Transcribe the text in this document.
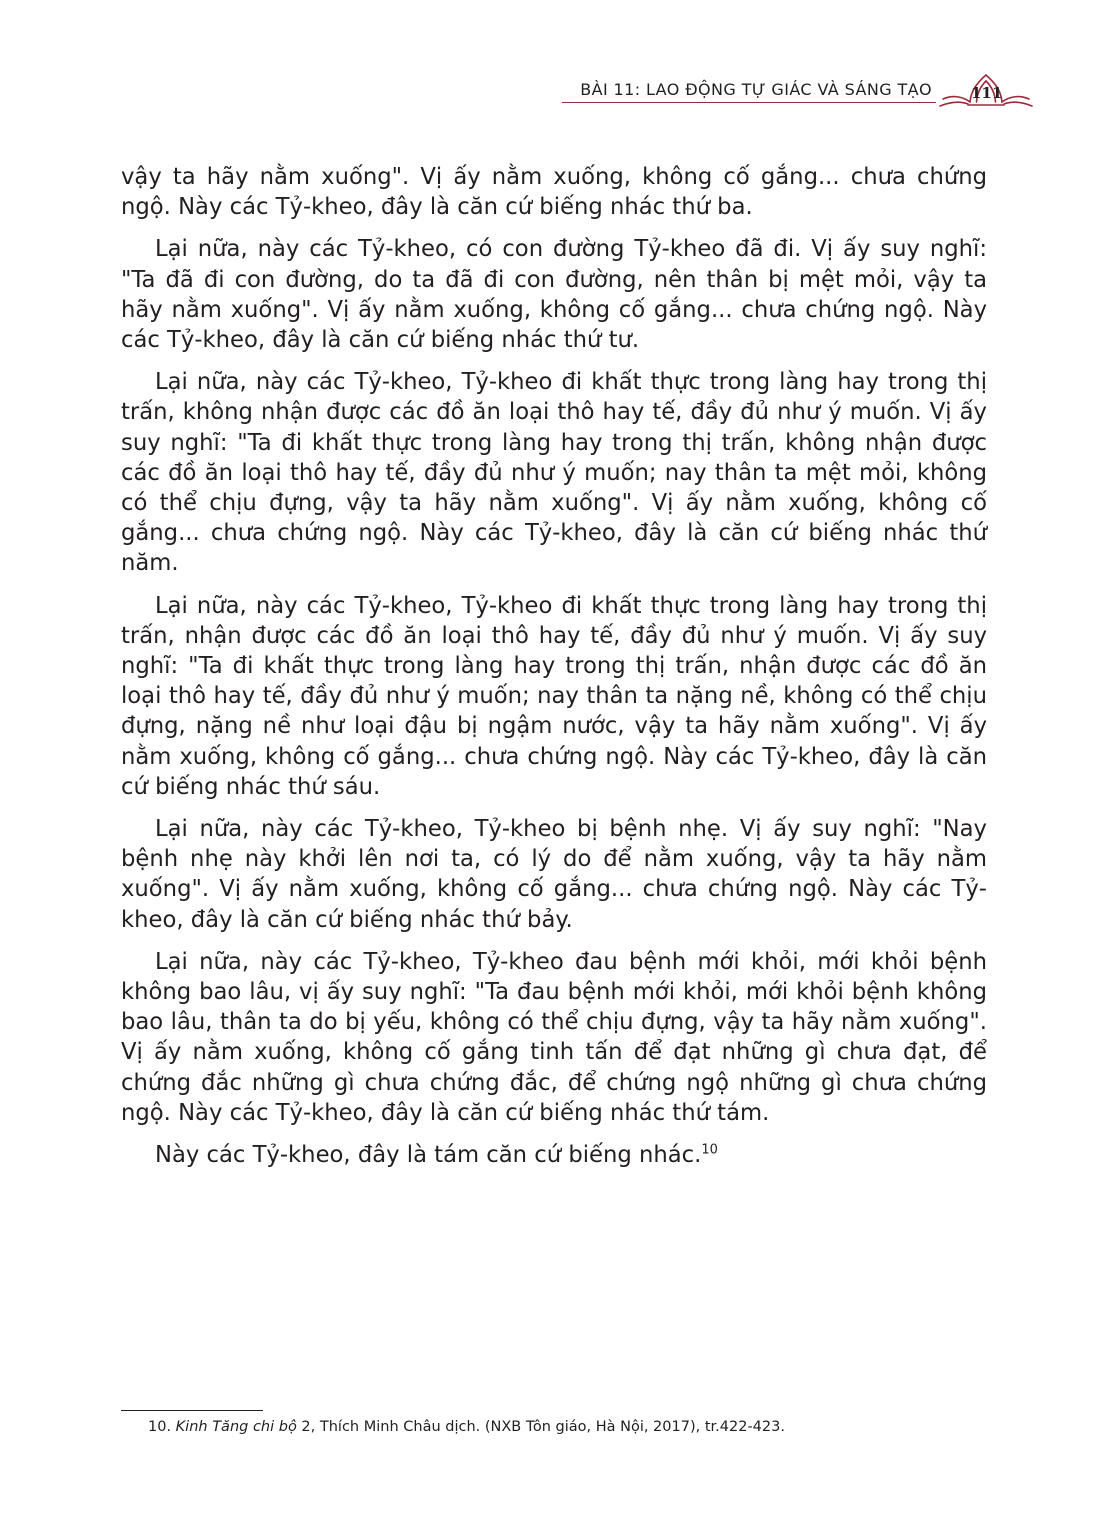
BÀI 11: LAO ĐỘNG TỰ GIÁC VÀ SÁNG TẠO	111

vậy ta hãy nằm xuống". Vị ấy nằm xuống, không cố gắng... chưa chứng ngộ. Này các Tỷ-kheo, đây là căn cứ biếng nhác thứ ba.

Lại nữa, này các Tỷ-kheo, có con đường Tỷ-kheo đã đi. Vị ấy suy nghĩ: "Ta đã đi con đường, do ta đã đi con đường, nên thân bị mệt mỏi, vậy ta hãy nằm xuống". Vị ấy nằm xuống, không cố gắng... chưa chứng ngộ. Này các Tỷ-kheo, đây là căn cứ biếng nhác thứ tư.

Lại nữa, này các Tỷ-kheo, Tỷ-kheo đi khất thực trong làng hay trong thị trấn, không nhận được các đồ ăn loại thô hay tế, đầy đủ như ý muốn. Vị ấy suy nghĩ: "Ta đi khất thực trong làng hay trong thị trấn, không nhận được các đồ ăn loại thô hay tế, đầy đủ như ý muốn; nay thân ta mệt mỏi, không có thể chịu đựng, vậy ta hãy nằm xuống". Vị ấy nằm xuống, không cố gắng... chưa chứng ngộ. Này các Tỷ-kheo, đây là căn cứ biếng nhác thứ năm.

Lại nữa, này các Tỷ-kheo, Tỷ-kheo đi khất thực trong làng hay trong thị trấn, nhận được các đồ ăn loại thô hay tế, đầy đủ như ý muốn. Vị ấy suy nghĩ: "Ta đi khất thực trong làng hay trong thị trấn, nhận được các đồ ăn loại thô hay tế, đầy đủ như ý muốn; nay thân ta nặng nề, không có thể chịu đựng, nặng nề như loại đậu bị ngậm nước, vậy ta hãy nằm xuống". Vị ấy nằm xuống, không cố gắng... chưa chứng ngộ. Này các Tỷ-kheo, đây là căn cứ biếng nhác thứ sáu.

Lại nữa, này các Tỷ-kheo, Tỷ-kheo bị bệnh nhẹ. Vị ấy suy nghĩ: "Nay bệnh nhẹ này khởi lên nơi ta, có lý do để nằm xuống, vậy ta hãy nằm xuống". Vị ấy nằm xuống, không cố gắng... chưa chứng ngộ. Này các Tỷ-kheo, đây là căn cứ biếng nhác thứ bảy.

Lại nữa, này các Tỷ-kheo, Tỷ-kheo đau bệnh mới khỏi, mới khỏi bệnh không bao lâu, vị ấy suy nghĩ: "Ta đau bệnh mới khỏi, mới khỏi bệnh không bao lâu, thân ta do bị yếu, không có thể chịu đựng, vậy ta hãy nằm xuống". Vị ấy nằm xuống, không cố gắng tinh tấn để đạt những gì chưa đạt, để chứng đắc những gì chưa chứng đắc, để chứng ngộ những gì chưa chứng ngộ. Này các Tỷ-kheo, đây là căn cứ biếng nhác thứ tám.

Này các Tỷ-kheo, đây là tám căn cứ biếng nhác.$^{10}$

10. Kinh Tăng chi bộ 2, Thích Minh Châu dịch. (NXB Tôn giáo, Hà Nội, 2017), tr.422-423.
